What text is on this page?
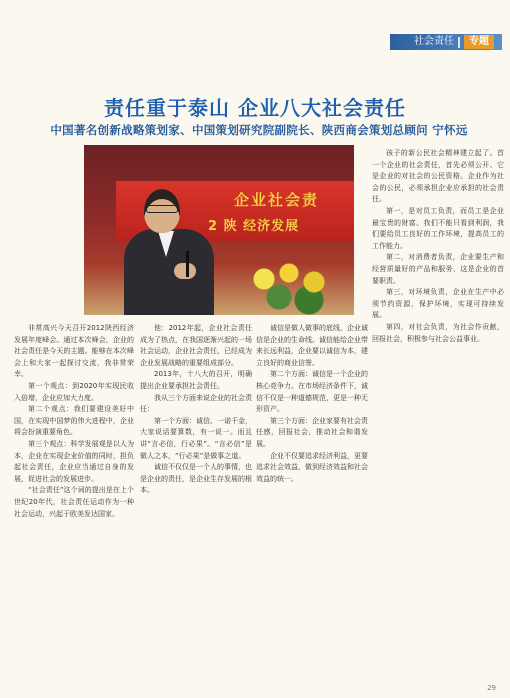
社会责任	专题
责任重于泰山 企业八大社会责任
中国著名创新战略策划家、中国策划研究院副院长、陕西商会策划总顾问 宁怀远
企业社会责
2 陕 经济发展

孩子的新公民社会精神建立起了。首一个企业的社会责任，首先必须公开、它是企业的对社会的公民资格。企业作为社会的公民，必须承担企业应承担的社会责任。

第一，是对员工负责，而员工是企业最宝贵的财富。我们不能只看到利润，我们要给员工良好的工作环境，提高员工的工作能力。

第二，对消费者负责，企业要生产和经营质量好的产品和服务，这是企业的首要职责。

第三，对环境负责，企业在生产中必须节约资源，保护环境，实现可持续发展。

第四，对社会负责，为社会作贡献，回报社会，积极参与社会公益事业。

非常高兴今天召开2012陕西经济发展年度峰会。通过本次峰会，企业的社会责任是今天的主题。能够在本次峰会上和大家一起探讨交流，我非常荣幸。

第一个观点：到2020年实现民收入倍增，企业应加大力度。

第二个观点：我们要建设美好中国，在实现中国梦的伟大进程中，企业将会扮演重要角色。

第三个观点：科学发展观是以人为本，企业在实现企业价值的同时，担负起社会责任，企业应当通过自身的发展，促进社会的发展进步。

“社会责任”这个词的提出是在上个世纪20年代，社会责任运动作为一种社会运动，兴起于欧美发达国家。

他：2012年起，企业社会责任成为了热点，在我国逐渐兴起的一场社会运动，企业社会责任，已经成为企业发展战略的重要组成部分。

2013年，十八大的召开，明确提出企业要承担社会责任。

我从三个方面来说企业的社会责任：

第一个方面：诚信。一诺千金，大家说话要算数，有一说一。而且讲“言必信，行必果”。“言必信”是做人之本，“行必果”是做事之道。

诚信不仅仅是一个人的事情，也是企业的责任，是企业生存发展的根本。

诚信是做人做事的底线，企业诚信是企业的生命线。诚信能给企业带来长远利益，企业要以诚信为本，建立良好的商业信誉。

第二个方面：诚信是一个企业的核心竞争力。在市场经济条件下，诚信不仅是一种道德规范，更是一种无形资产。

第三个方面：企业家要有社会责任感，回报社会，推动社会和谐发展。

企业不仅要追求经济利益，更要追求社会效益，做到经济效益和社会效益的统一。

29
